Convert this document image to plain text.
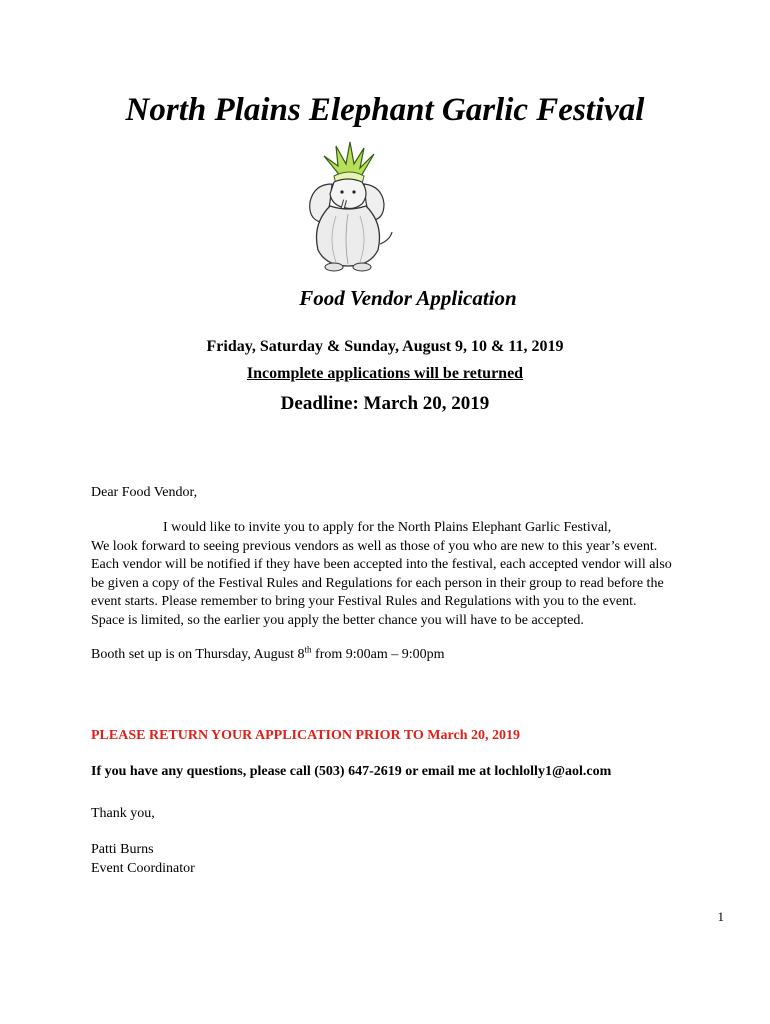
North Plains Elephant Garlic Festival
Food Vendor Application
Friday, Saturday & Sunday, August 9, 10 & 11, 2019
Incomplete applications will be returned
Deadline: March 20, 2019
Dear Food Vendor,
I would like to invite you to apply for the North Plains Elephant Garlic Festival,
We look forward to seeing previous vendors as well as those of you who are new to this year’s event.
Each vendor will be notified if they have been accepted into the festival, each accepted vendor will also
be given a copy of the Festival Rules and Regulations for each person in their group to read before the
event starts. Please remember to bring your Festival Rules and Regulations with you to the event.
Space is limited, so the earlier you apply the better chance you will have to be accepted.
Booth set up is on Thursday, August 8th from 9:00am – 9:00pm
PLEASE RETURN YOUR APPLICATION PRIOR TO March 20, 2019
If you have any questions, please call (503) 647-2619 or email me at lochlolly1@aol.com
Thank you,
Patti Burns
Event Coordinator
1
